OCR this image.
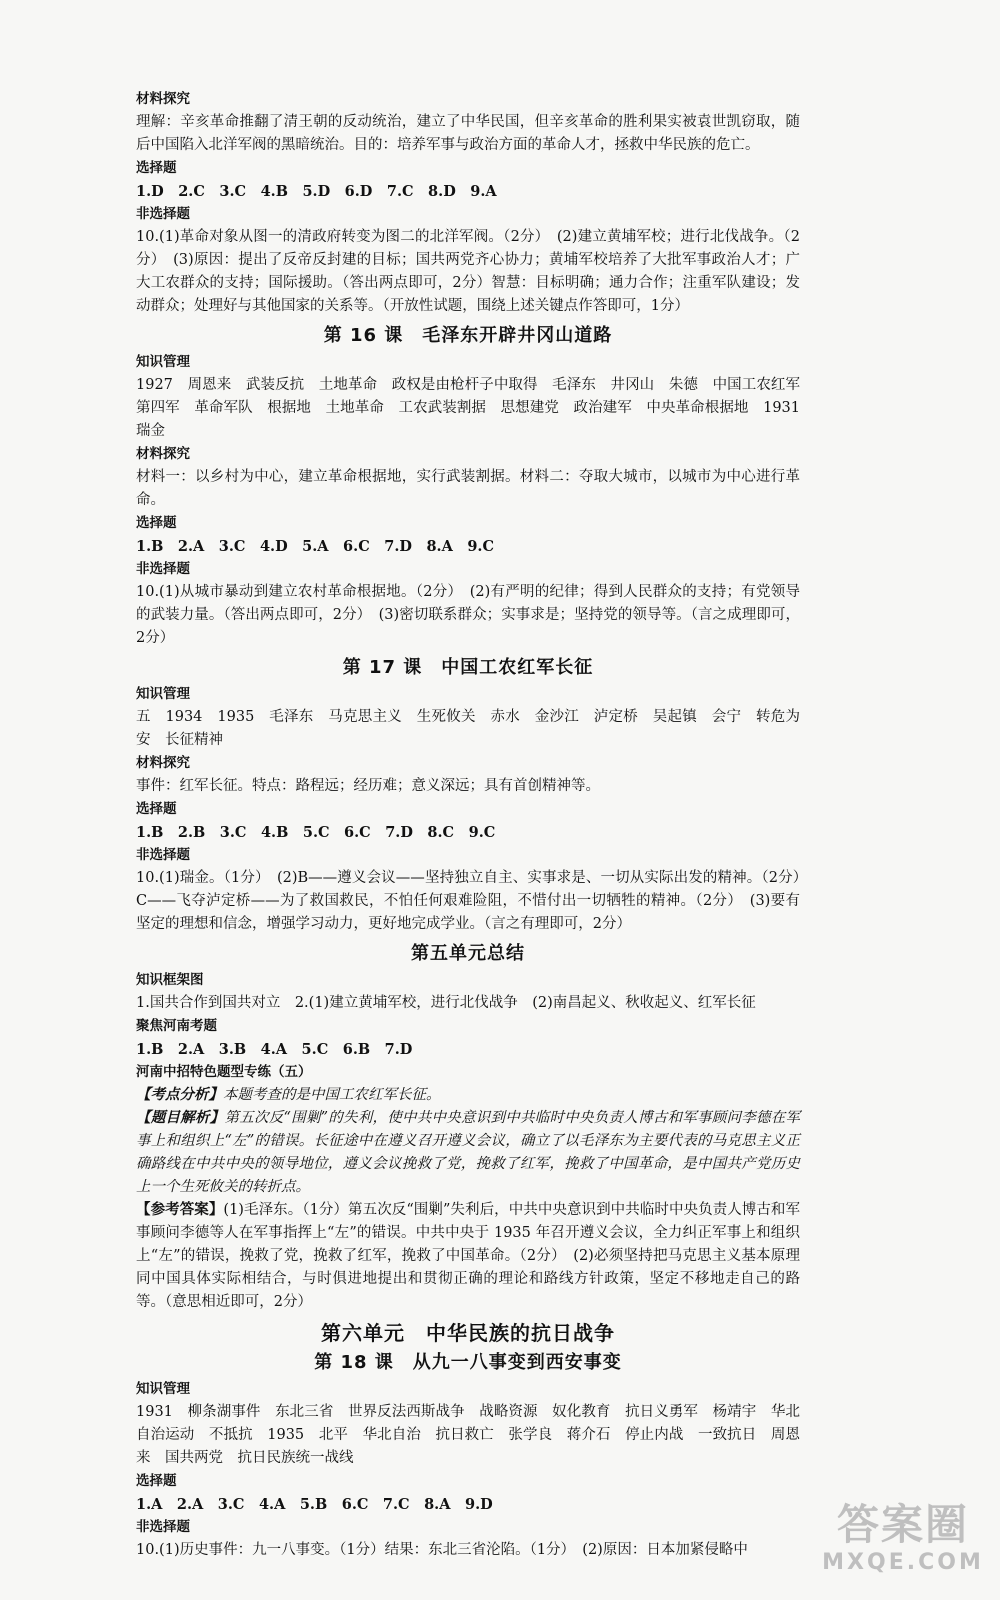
材料探究
理解：辛亥革命推翻了清王朝的反动统治，建立了中华民国，但辛亥革命的胜利果实被袁世凯窃取，随后中国陷入北洋军阀的黑暗统治。目的：培养军事与政治方面的革命人才，拯救中华民族的危亡。
选择题
1.D　2.C　3.C　4.B　5.D　6.D　7.C　8.D　9.A
非选择题
10.(1)革命对象从图一的清政府转变为图二的北洋军阀。（2分）　(2)建立黄埔军校；进行北伐战争。（2分）　(3)原因：提出了反帝反封建的目标；国共两党齐心协力；黄埔军校培养了大批军事政治人才；广大工农群众的支持；国际援助。（答出两点即可，2分）智慧：目标明确；通力合作；注重军队建设；发动群众；处理好与其他国家的关系等。（开放性试题，围绕上述关键点作答即可，1分）
第 16 课　毛泽东开辟井冈山道路
知识管理
1927　周恩来　武装反抗　土地革命　政权是由枪杆子中取得　毛泽东　井冈山　朱德　中国工农红军第四军　革命军队　根据地　土地革命　工农武装割据　思想建党　政治建军　中央革命根据地　1931　瑞金
材料探究
材料一：以乡村为中心，建立革命根据地，实行武装割据。材料二：夺取大城市，以城市为中心进行革命。
选择题
1.B　2.A　3.C　4.D　5.A　6.C　7.D　8.A　9.C
非选择题
10.(1)从城市暴动到建立农村革命根据地。（2分）　(2)有严明的纪律；得到人民群众的支持；有党领导的武装力量。（答出两点即可，2分）　(3)密切联系群众；实事求是；坚持党的领导等。（言之成理即可，2分）
第 17 课　中国工农红军长征
知识管理
五　1934　1935　毛泽东　马克思主义　生死攸关　赤水　金沙江　泸定桥　吴起镇　会宁　转危为安　长征精神
材料探究
事件：红军长征。特点：路程远；经历难；意义深远；具有首创精神等。
选择题
1.B　2.B　3.C　4.B　5.C　6.C　7.D　8.C　9.C
非选择题
10.(1)瑞金。（1分）　(2)B——遵义会议——坚持独立自主、实事求是、一切从实际出发的精神。（2分）C——飞夺泸定桥——为了救国救民，不怕任何艰难险阻，不惜付出一切牺牲的精神。（2分）　(3)要有坚定的理想和信念，增强学习动力，更好地完成学业。（言之有理即可，2分）
第五单元总结
知识框架图
1.国共合作到国共对立　2.(1)建立黄埔军校，进行北伐战争　(2)南昌起义、秋收起义、红军长征
聚焦河南考题
1.B　2.A　3.B　4.A　5.C　6.B　7.D
河南中招特色题型专练（五）
【考点分析】本题考查的是中国工农红军长征。
【题目解析】第五次反“围剿”的失利，使中共中央意识到中共临时中央负责人博古和军事顾问李德在军事上和组织上“左”的错误。长征途中在遵义召开遵义会议，确立了以毛泽东为主要代表的马克思主义正确路线在中共中央的领导地位，遵义会议挽救了党，挽救了红军，挽救了中国革命，是中国共产党历史上一个生死攸关的转折点。
【参考答案】(1)毛泽东。（1分）第五次反“围剿”失利后，中共中央意识到中共临时中央负责人博古和军事顾问李德等人在军事指挥上“左”的错误。中共中央于 1935 年召开遵义会议，全力纠正军事上和组织上“左”的错误，挽救了党，挽救了红军，挽救了中国革命。（2分）　(2)必须坚持把马克思主义基本原理同中国具体实际相结合，与时俱进地提出和贯彻正确的理论和路线方针政策，坚定不移地走自己的路等。（意思相近即可，2分）
第六单元　中华民族的抗日战争
第 18 课　从九一八事变到西安事变
知识管理
1931　柳条湖事件　东北三省　世界反法西斯战争　战略资源　奴化教育　抗日义勇军　杨靖宇　华北自治运动　不抵抗　1935　北平　华北自治　抗日救亡　张学良　蒋介石　停止内战　一致抗日　周恩来　国共两党　抗日民族统一战线
选择题
1.A　2.A　3.C　4.A　5.B　6.C　7.C　8.A　9.D
非选择题
10.(1)历史事件：九一八事变。（1分）结果：东北三省沦陷。（1分）　(2)原因：日本加紧侵略中
答案圈
MXQE.COM
